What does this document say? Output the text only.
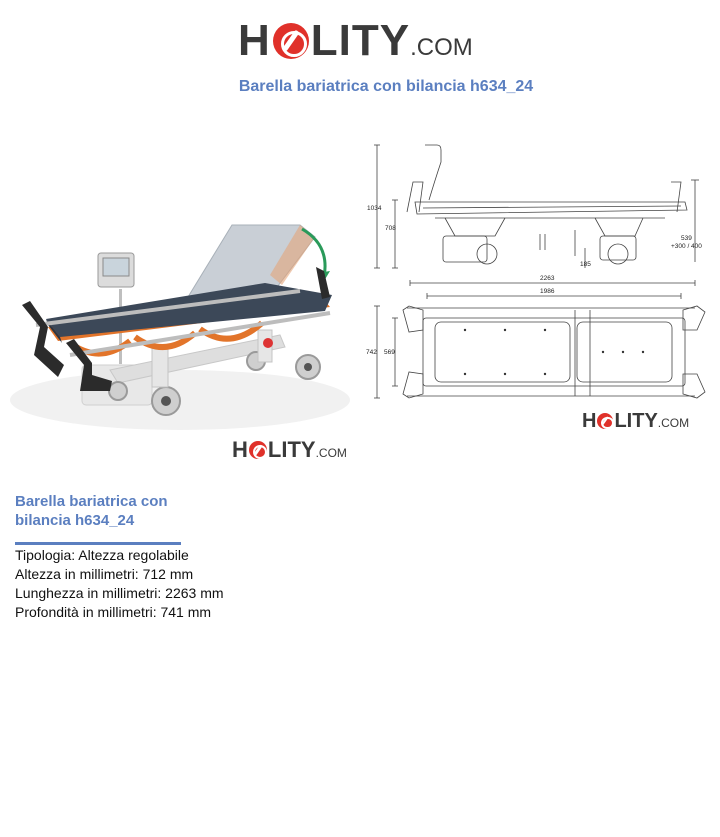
H LITY .COM
Barella bariatrica con bilancia h634_24
H LITY .COM
1034
708
539
+300 / 400
185
2263
1986
742 569
H LITY .COM
Barella bariatrica con bilancia h634_24
Tipologia: Altezza regolabile
Altezza in millimetri: 712 mm
Lunghezza in millimetri: 2263 mm
Profondità in millimetri: 741 mm
